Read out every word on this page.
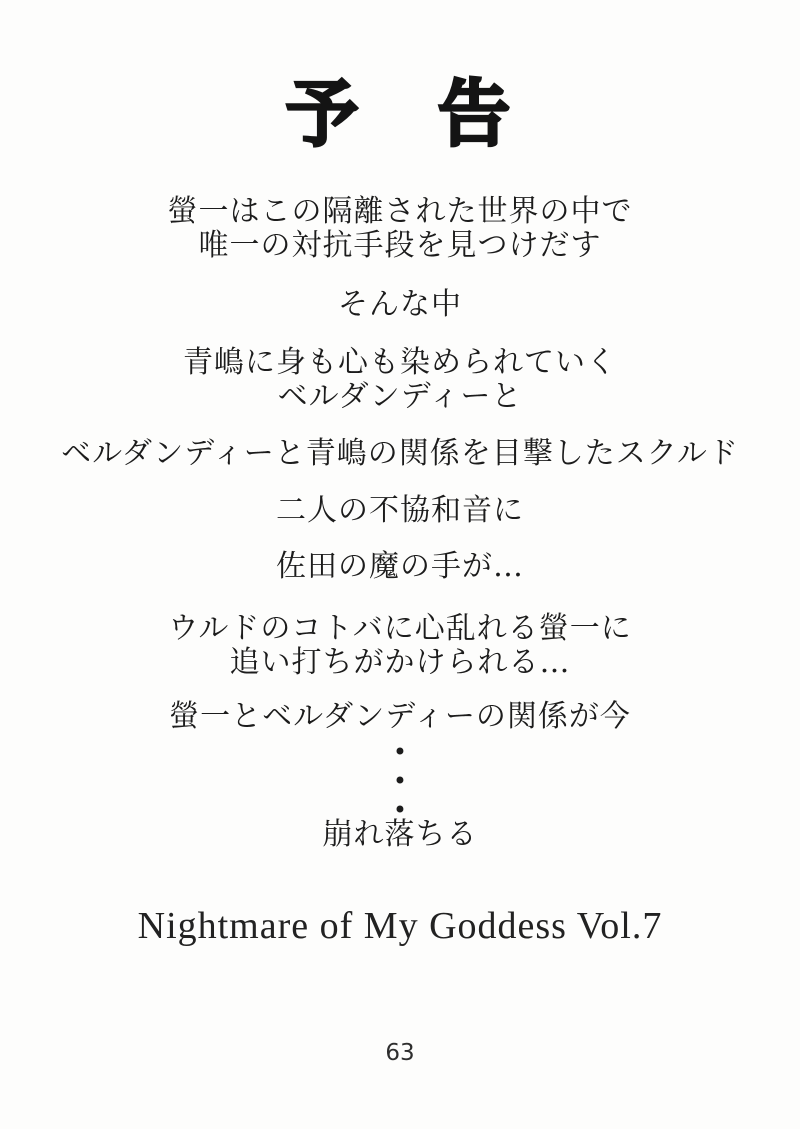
予　告
螢一はこの隔離された世界の中で
唯一の対抗手段を見つけだす
そんな中
青嶋に身も心も染められていく
ベルダンディーと
ベルダンディーと青嶋の関係を目撃したスクルド
二人の不協和音に
佐田の魔の手が…
ウルドのコトバに心乱れる螢一に
追い打ちがかけられる…
螢一とベルダンディーの関係が今
•
•
•
崩れ落ちる
Nightmare of My Goddess Vol.7
63
